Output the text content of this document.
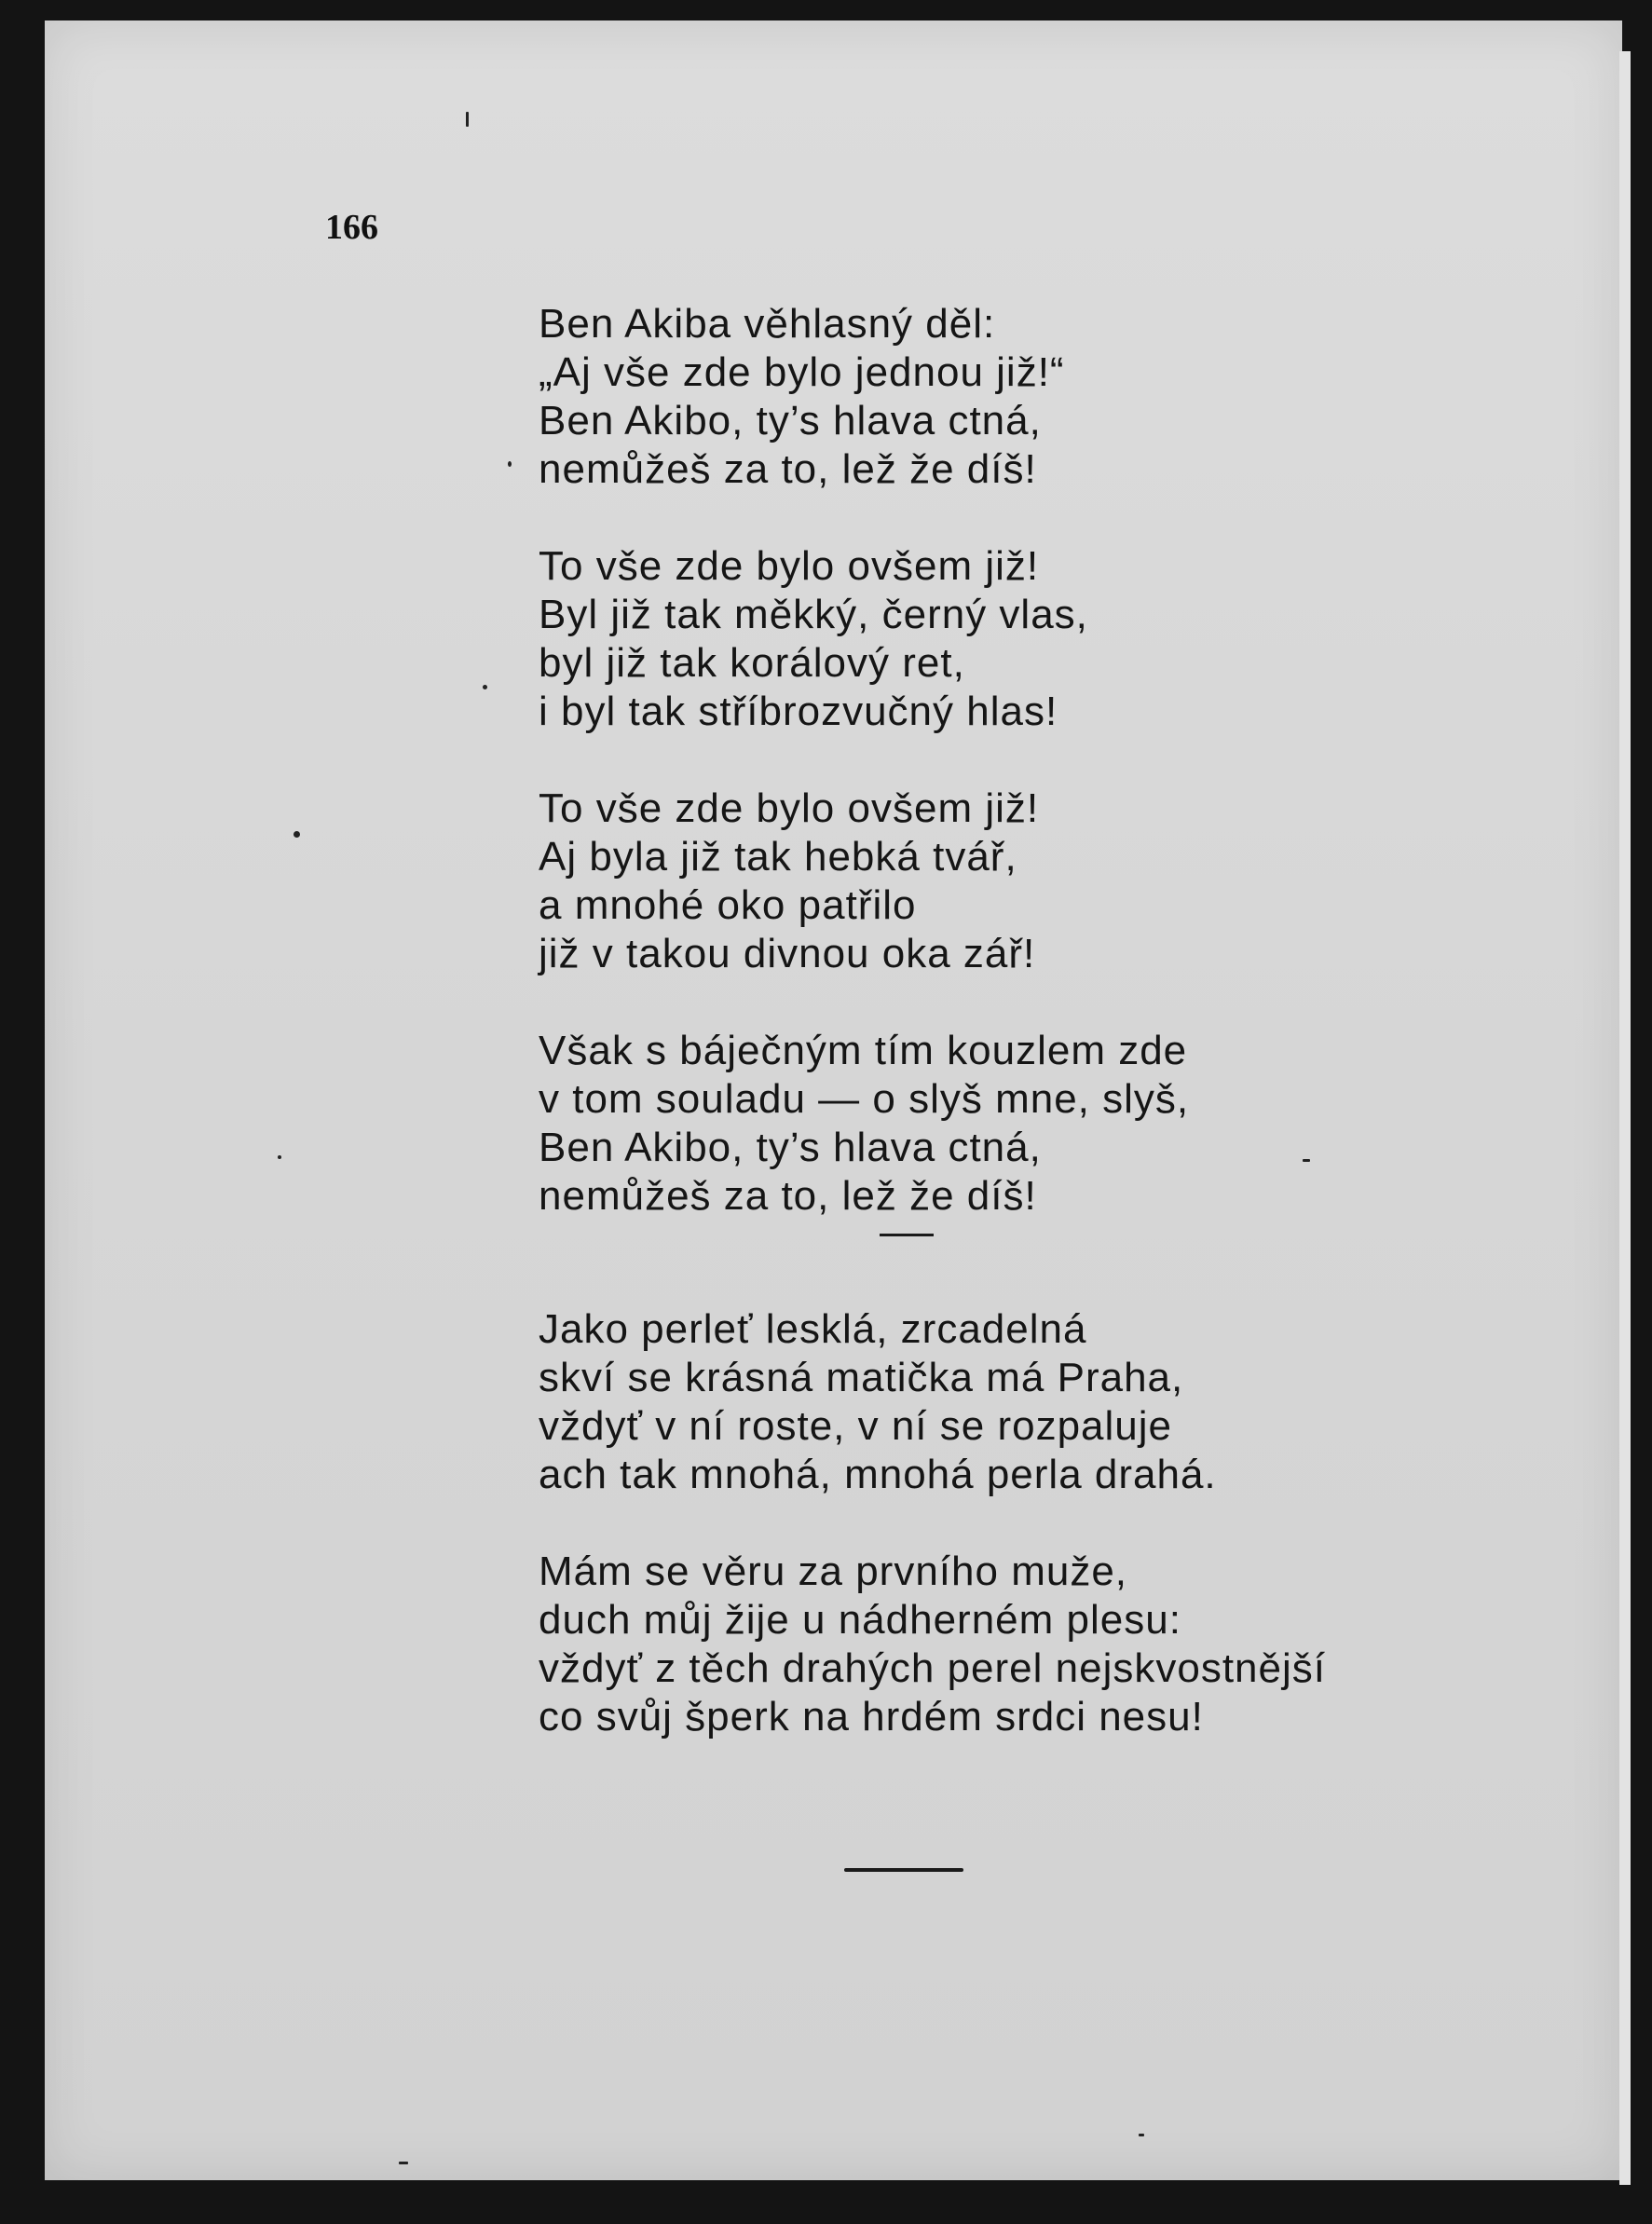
166
Ben Akiba věhlasný děl:
„Aj vše zde bylo jednou již!“
Ben Akibo, ty’s hlava ctná,
nemůžeš za to, lež že díš!
To vše zde bylo ovšem již!
Byl již tak měkký, černý vlas,
byl již tak korálový ret,
i byl tak stříbrozvučný hlas!
To vše zde bylo ovšem již!
Aj byla již tak hebká tvář,
a mnohé oko patřilo
již v takou divnou oka zář!
Však s báječným tím kouzlem zde
v tom souladu — o slyš mne, slyš,
Ben Akibo, ty’s hlava ctná,
nemůžeš za to, lež že díš!
Jako perleť lesklá, zrcadelná
skví se krásná matička má Praha,
vždyť v ní roste, v ní se rozpaluje
ach tak mnohá, mnohá perla drahá.
Mám se věru za prvního muže,
duch můj žije u nádherném plesu:
vždyť z těch drahých perel nejskvostnější
co svůj šperk na hrdém srdci nesu!
